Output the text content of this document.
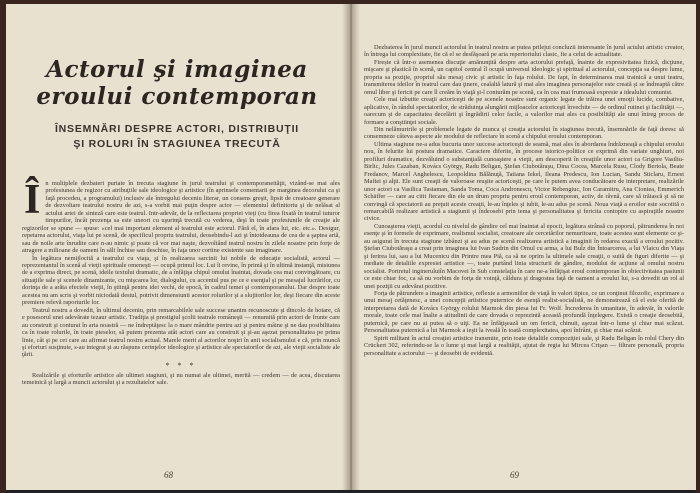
Actorul şi imaginea
eroului contemporan
ÎNSEMNĂRI DESPRE ACTORI, DISTRIBUŢII
ŞI ROLURI ÎN STAGIUNEA TRECUTĂ

În multiplele dezbateri purtate în trecuta stagiune în jurul teatrului şi contemporaneităţii, vizând-se mai ales profesiunea de regizor cu atribuţiile sale ideologice şi artistice (în aprinsele comentarii pe marginea decorului ca şi faţă procedeu, a programului) inclusiv ale întregului deceniu literar, un consens greşit, lipsit de creatoare generare de dezvoltare teatrului nostru de azi, s-a vorbit mai puţin despre actor — elementul definitoriu şi de nelăsat al actului artei de sinteză care este teatrul. Intr-adevăr, de la reflectarea propriei vieţi (cu firea fixată în teatrul tuturor timpurilor, încât prezenţa sa este uneori cu uşurinţă trecută cu vederea, deşi în toate profesiunile de creaţie ale regizorilor se spune — spuse: «cel mai important element al teatrului este actorul. Fără el, în afara lui, etc. etc.». Desigur, repetarea actorului, viaţa lui pe scenă, de specificul propriu teatrului, deosebindu-l azi şi întotdeauna de cea de a şaptea artă, sau de noile arte înrudite care n-au nimic şi poate că vor mai naşte, dezvoltând teatrul nostru în zilele noastre prin forţe de atragere a milioane de oameni în săli închise sau deschise, în faţa unor cortine existente sau imaginare.

În legătura nemijlocită a teatrului cu viaţa, şi în realizarea sarcinii lui nobile de educaţie socialistă, actorul — reprezentantul în scenă al vieţii spirituale omeneşti — ocupă primul loc. Lui îi revine, în primă şi în ultimă instanţă, misiunea de a exprima direct, pe scenă, ideile textului dramatic, de a înfăţişa chipul omului înaintat, dovada cea mai convingătoare, cu situaţiile sale şi scenele dinamizante, cu mişcarea lor, dialogului, cu accentul pus pe ce e esenţial şi pe mesajul lucrărilor, cu dorinţa de a arăta efectele vieţii, în ştiinţă pentru idei vechi, de epocă, în cadrul temei şi contemporanului. Dar despre toate acestea nu am scris şi vorbit niciodată destul, potrivit dimensiunii acestor rolurilor şi a slujitorilor lor, deşi fiecare din aceste premiere relevă raporturile lor.

Teatrul nostru a dovedit, în ultimul deceniu, prin remarcabilele sale succese unanim recunoscute şi dincolo de hotare, că e posesorul unei adevărate tezaur artistic. Tradiţia şi prestigiul şcolii teatrale româneşti — renumită prin actori de frunte care au construit şi conturat în arta noastră — ne îndreptăţesc la o mare mândrie pentru azi şi pentru mâine şi ne dau posibilitatea ca în toate rolurile, în toate pieselor, să putem prezenta atât actori care au construit şi şi-au aşezat personalitatea pe prima linie, cât şi pe cei care au afirmat teatrul nostru actual. Marele merit al actorilor noştri în anii socialismului e că, prin muncă şi eforturi susţinute, s-au integrat şi au răspuns cerinţelor ideologice şi artistice ale spectatorilor de azi, ale vieţii socialiste ale ţării.

* * *

Realizările şi eforturile artistice ale ultimei stagiuni, şi nu numai ale ultimei, merită — credem — de acea, discutarea temeinică şi largă a muncii actorului şi a rezultatelor sale.

68

Dezbaterea în jurul muncii actorului în teatrul nostru ar putea prilejui concluzii interesante în jurul actului artistic creator, în întrega lui complexitate, fie că el se desfăşoară pe aria repertoriului clasic, fie a celui de actualitate.

Firește că într-o asemenea discuţie amănunţită despre arta actorului prefaţă, înainte de expresivitatea fizică, dicţiune, mişcare şi plastică în scenă, un capitol central îl ocupă universul ideologic şi spiritual al actorului, concepţia sa despre lume, propria sa poziţie, propriul său mesaj civic şi artistic în faţa rolului. De fapt, în determinarea mai trainică a unui teatru, transmiterea ideilor în teatrul care dau ţinere, cealaltă latură şi mai ales imaginea personajelor este creată şi se îndreaptă către omul liber şi fericit pe care îl creăm în viaţă şi-l conturăm pe scenă, ca în cea mai frumoasă expresie a idealului comunist.

Cele mai izbutite creaţii actoriceşti de pe scenele noastre sunt organic legate de trăirea unei emoţii lucide, combative, aplicative, în rândul spectatorilor, de străduinţa alungării mijloacelor actoriceşti învechite — de ordinul rutinei şi facilităţii —, oarecum şi de capacitatea decelării şi îngrădirii celor facile, a valorilor mai ales cu posibilităţi ale unui întreg proces de formare a conştiinţei sociale.

Din nelămuririle şi problemele legate de munca şi creaţia actorului în stagiunea trecută, însemnările de faţă doresc să consemneze câteva aspecte ale modului de reflectare în scenă a chipului eroului contemporan.

Ultima stagiune ne-a adus bucuria unor succese actoriceşti de seamă, mai ales în abordarea îndrăzneaţă a chipului eroului nou, în felurite lui postura dramatice. Caractere diferite, în procese istorico-politice ce exprimă din variate unghiuri, noi profiluri dramatice, dezvăluind o substanţială cunoaştere a vieţii, am descoperit în creaţiile unor actori ca Grigore Vasiliu-Birlic, Jules Cazaban, Kovács György, Radu Beligan, Ştefan Ciubotăraşu, Dina Cocea, Marcela Rusu, Clody Bertola, Beate Fredanov, Marcel Anghelescu, Leopoldina Bălănuţă, Tatiana Iekel, Ileana Predescu, Ion Lucian, Sandu Sticlaru, Ernest Maftei şi alţii. Ele sunt creaţii de valoroase reuşite actoriceşti, pe care le putem avea conducătoare de interpretare, realizările unor actori ca Vasilica Tastaman, Sanda Toma, Coca Andronescu, Victor Rebengiuc, Ion Caramitru, Ana Ciontea, Emmerich Schäffer — care au citit fiecare din ele un drum propriu pentru eroul contemporan, activ, de râvnă, care să trăiască şi să ne convingă că spectatorii au preţuit aceste creaţii, le-au înţeles şi iubit, le-au adus pe scenă. Noua viaţă a eroilor este socotită o remarcabilă realizare artistică a stagiunii şi îndeosebi prin tema şi personalitatea şi fericita contopire cu aspiraţiile noastre civice.

Cunoaşterea vieţii, acordul cu nivelul de gândire cel mai înaintat al epocii, legătura strânsă cu poporul, pătrunderea în noi esenţe şi în formele de exprimare, realismul socialist, creatoare ale cercetărilor nemuritoare, toate acestea sunt elemente ce şi-au asigurat în trecuta stagiune izbânzi şi au adus pe scenă realizarea artistică a imaginii în redarea exactă a eroului pozitiv. Ştefan Ciubotăraşu a creat prin imaginea lui Ivan Sudrin din Omul cu arma, a lui Bulz din Întoarcerea, a lui Vlaicu din Viaţa şi ferirea lui, sau a lui Mucenicu din Printre mea Piă, ca să ne oprim la ultimele sale creaţii, o suită de figuri diferite — şi mediate de detaliile expresiei artistice —, toate purtând linia structurii de gândire, modului de acţiune al omului nostru socialist. Portretul ingineruluiîn Macovei în Sub constelaţia în care ne-a înfăţişat eroul contemporan în obiectivitatea pasiunii ce este chiar foc, ca să nu vorbim de forţa de voinţă, căldura şi dragostea faţă de oameni a eroului lui, s-a dovedit un rol al unei poziţii cu adevărat pozitive.

Forţa de pătrundere a imaginii artistice, reflexie a armoniilor de viaţă în valori tipice, ce un conţinut filozofic, exprimare a unui mesaj cetăţenesc, a unei concepţii artistice puternice de esenţă realist-socialistă, ne demonstrează că el este oferită de interpretarea dată de Kovács György rolului Marmok din piesa lui Fr. Wolf. Încrederea în umanitate, în adevăr, în valorile morale, toate cele mai înalte a atitudinii de care dovada o reprezintă această profundă înţelegere. Există o creaţie deosebită, puternică, pe care nu ai putea să o uiţi. Ea ne înfăţişează un om fericit, chinuit, aşezat într-o lume şi chiar mai scăzut. Personalitatea puternică a lui Marmok a ieşit la iveală în toată complexitatea, apoi înfrânt, şi chiar mai scăzut.

Spirit militant în actul creaţiei artistice transmite, prin toate detaliile compoziţiei sale, şi Radu Beligan în rolul Chery din Crückert 302, referindu-se la o lume şi mai largă a realităţii, ajutat de regia lui Mircea Crişan — filtrare personală, propria personalitate a actorului — şi deosebit de evidentă.

69
